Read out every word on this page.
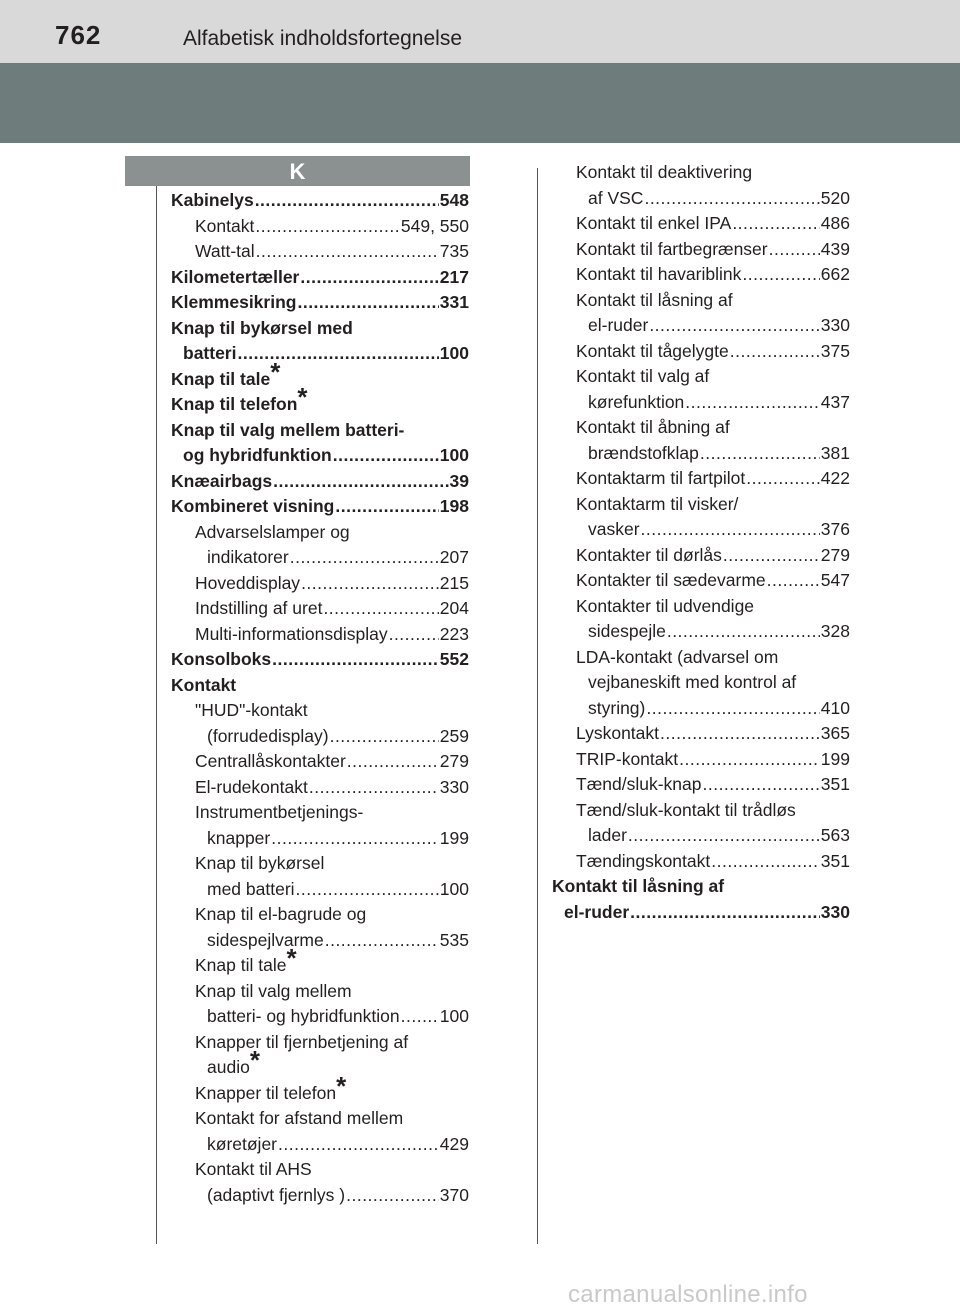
762	Alfabetisk indholdsfortegnelse
K
Kabinelys .....	548
Kontakt .....	549, 550
Watt-tal .....	735
Kilometertæller .....	217
Klemmesikring .....	331
Knap til bykørsel med
batteri .....	100
Knap til tale *
Knap til telefon *
Knap til valg mellem batteri-
og hybridfunktion .....	100
Knæairbags .....	39
Kombineret visning .....	198
Advarselslamper og
indikatorer .....	207
Hoveddisplay .....	215
Indstilling af uret .....	204
Multi-informationsdisplay .....	223
Konsolboks .....	552
Kontakt
"HUD"-kontakt
(forrudedisplay) .....	259
Centrallåskontakter .....	279
El-rudekontakt .....	330
Instrumentbetjenings-
knapper .....	199
Knap til bykørsel
med batteri .....	100
Knap til el-bagrude og
sidespejlvarme .....	535
Knap til tale *
Knap til valg mellem
batteri- og hybridfunktion ..... 100
Knapper til fjernbetjening af
audio *
Knapper til telefon *
Kontakt for afstand mellem
køretøjer .....	429
Kontakt til AHS
(adaptivt fjernlys ) .....	370
Kontakt til deaktivering
af VSC .....	520
Kontakt til enkel IPA .....	486
Kontakt til fartbegrænser .....	439
Kontakt til havariblink .....	662
Kontakt til låsning af
el-ruder .....	330
Kontakt til tågelygte .....	375
Kontakt til valg af
kørefunktion .....	437
Kontakt til åbning af
brændstofklap .....	381
Kontaktarm til fartpilot .....	422
Kontaktarm til visker/
vasker .....	376
Kontakter til dørlås .....	279
Kontakter til sædevarme .....	547
Kontakter til udvendige
sidespejle .....	328
LDA-kontakt (advarsel om
vejbaneskift med kontrol af
styring) .....	410
Lyskontakt .....	365
TRIP-kontakt .....	199
Tænd/sluk-knap .....	351
Tænd/sluk-kontakt til trådløs
lader .....	563
Tændingskontakt .....	351
Kontakt til låsning af
el-ruder .....	330
carmanualsonline.info
